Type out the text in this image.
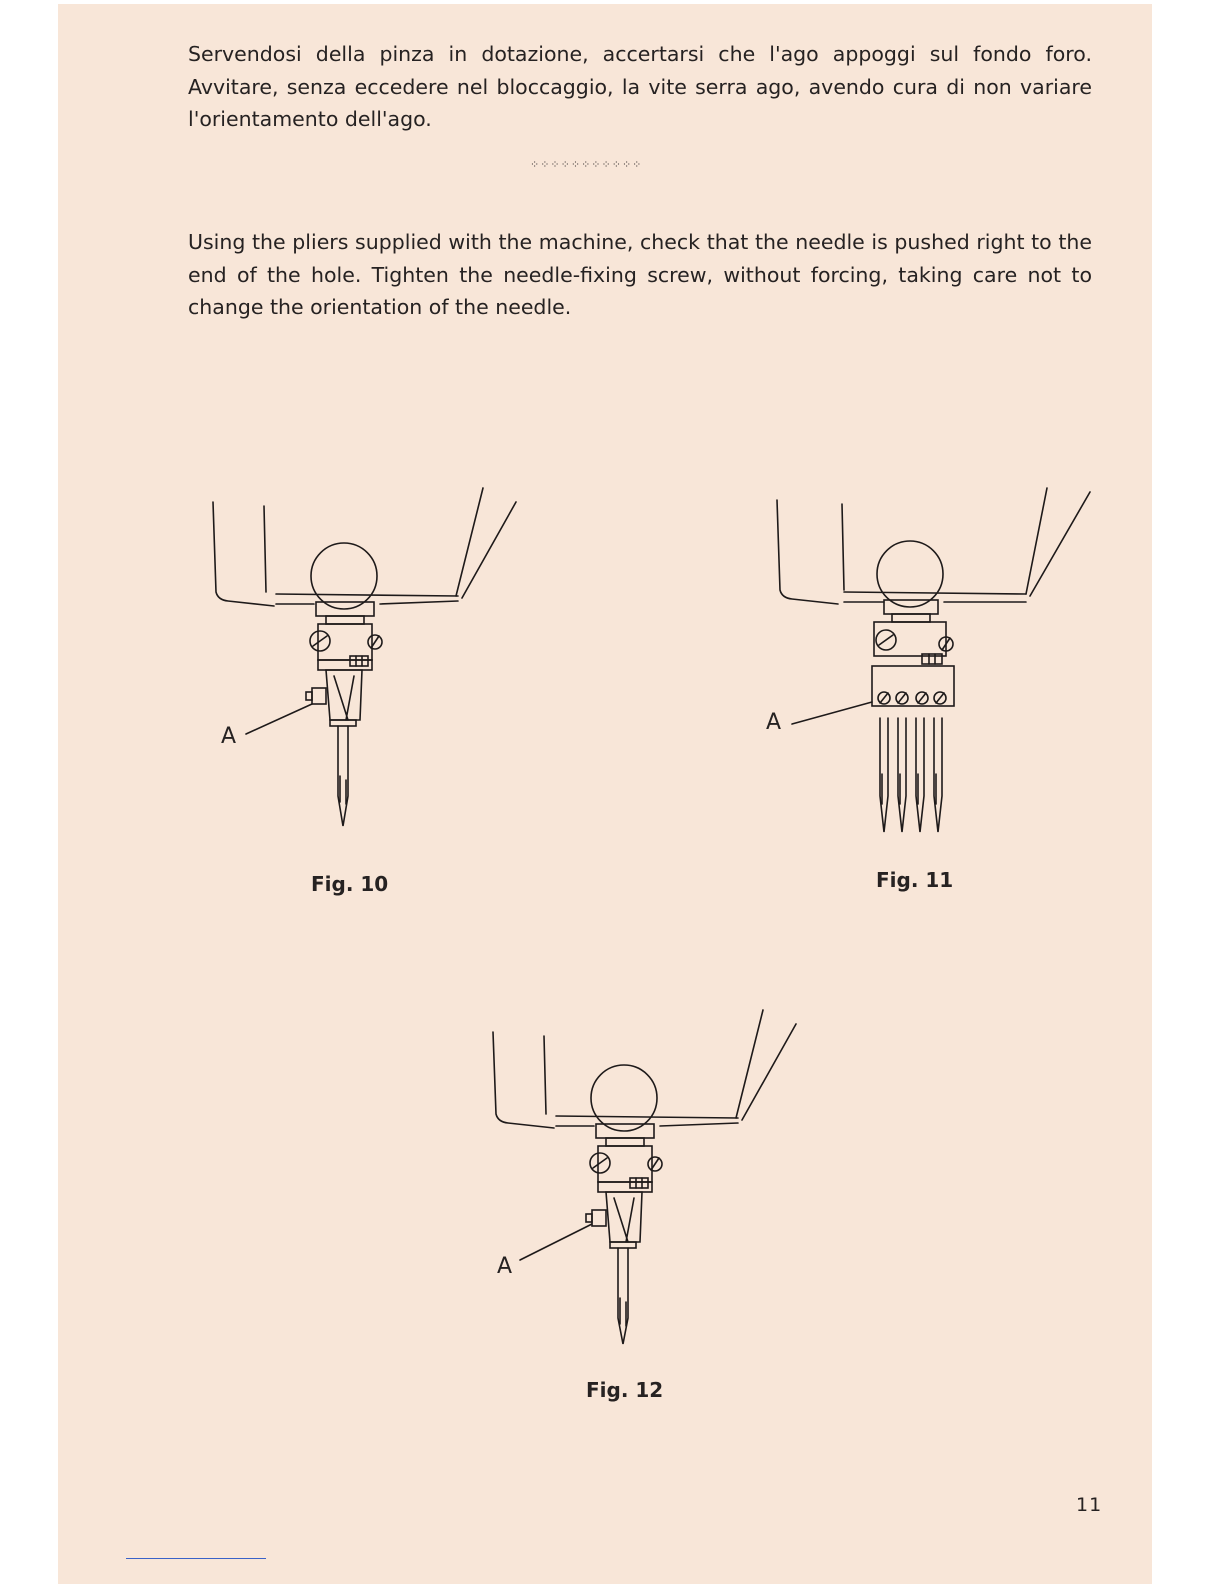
Servendosi della pinza in dotazione, accertarsi che l'ago appoggi sul fondo foro. Avvitare, senza eccedere nel bloccaggio, la vite serra ago, avendo cura di non variare l'orientamento dell'ago.

⁘⁘⁘⁘⁘⁘⁘⁘⁘⁘⁘

Using the pliers supplied with the machine, check that the needle is pushed right to the end of the hole. Tighten the needle-fixing screw, without forcing, taking care not to change the orientation of the needle.

A
Fig. 10
A
Fig. 11
A
Fig. 12
11
